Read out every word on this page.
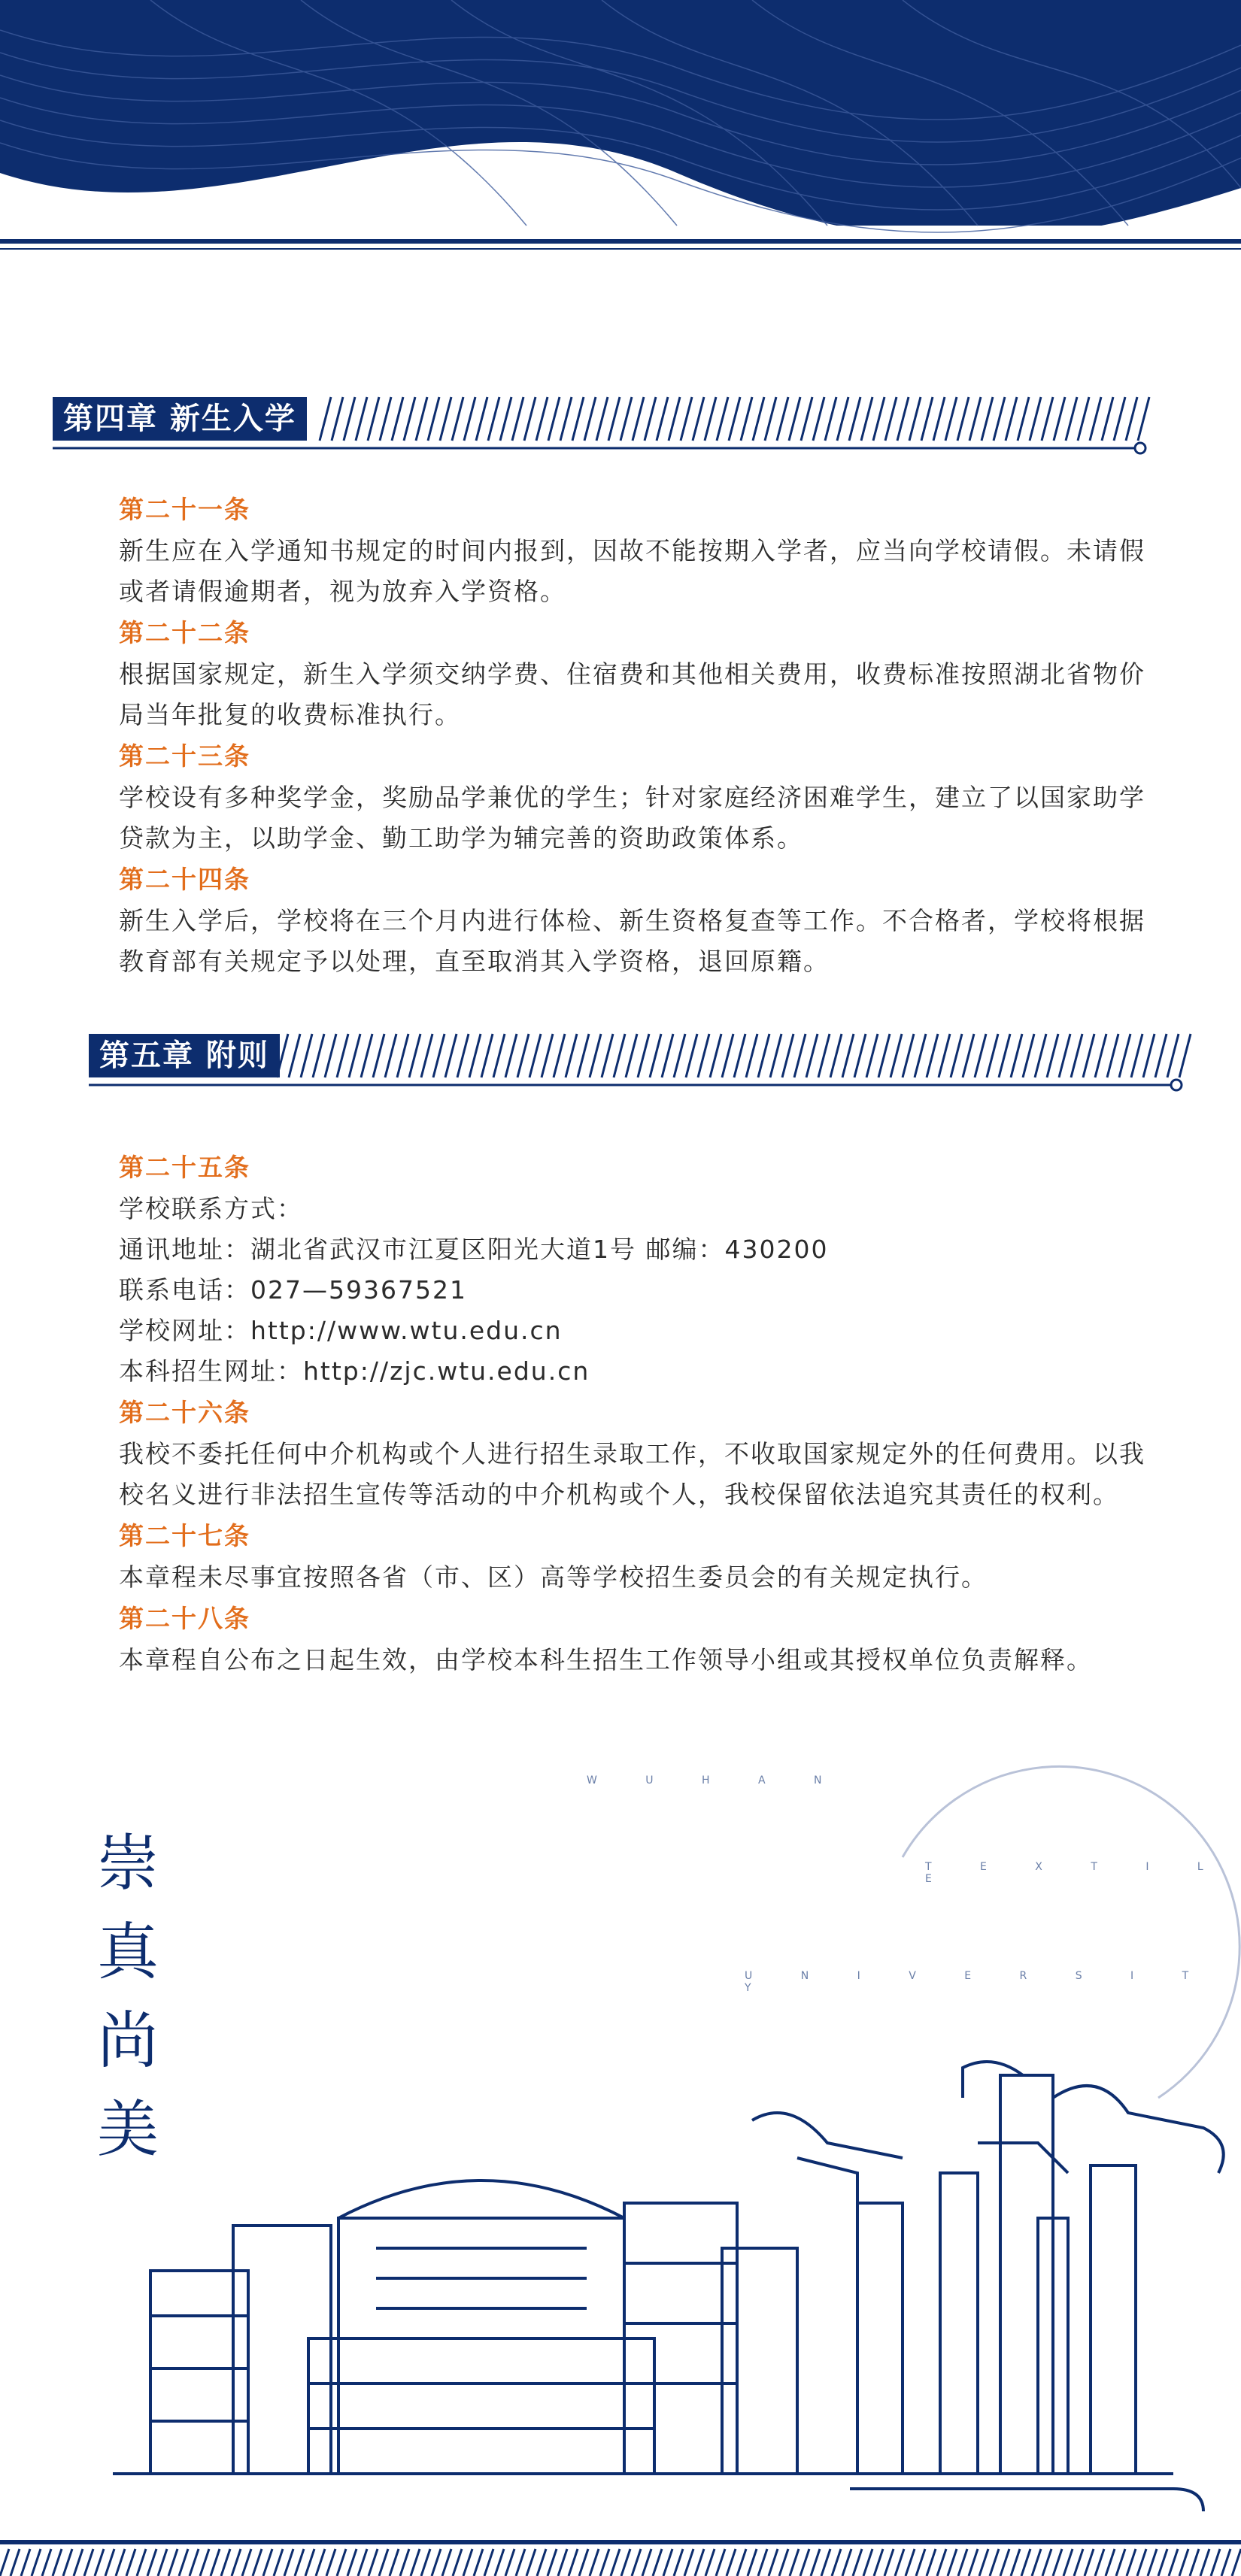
第四章 新生入学
第二十一条
新生应在入学通知书规定的时间内报到，因故不能按期入学者，应当向学校请假。未请假或者请假逾期者，视为放弃入学资格。
第二十二条
根据国家规定，新生入学须交纳学费、住宿费和其他相关费用，收费标准按照湖北省物价局当年批复的收费标准执行。
第二十三条
学校设有多种奖学金，奖励品学兼优的学生；针对家庭经济困难学生，建立了以国家助学贷款为主，以助学金、勤工助学为辅完善的资助政策体系。
第二十四条
新生入学后，学校将在三个月内进行体检、新生资格复查等工作。不合格者，学校将根据教育部有关规定予以处理，直至取消其入学资格，退回原籍。
第五章 附则
第二十五条
学校联系方式：
通讯地址：湖北省武汉市江夏区阳光大道1号 邮编：430200
联系电话：027—59367521
学校网址：http://www.wtu.edu.cn
本科招生网址：http://zjc.wtu.edu.cn
第二十六条
我校不委托任何中介机构或个人进行招生录取工作，不收取国家规定外的任何费用。以我校名义进行非法招生宣传等活动的中介机构或个人，我校保留依法追究其责任的权利。
第二十七条
本章程未尽事宜按照各省（市、区）高等学校招生委员会的有关规定执行。
第二十八条
本章程自公布之日起生效，由学校本科生招生工作领导小组或其授权单位负责解释。
W U H A N
T E X T I L E
U N I V E R S I T Y
崇
真
尚
美
